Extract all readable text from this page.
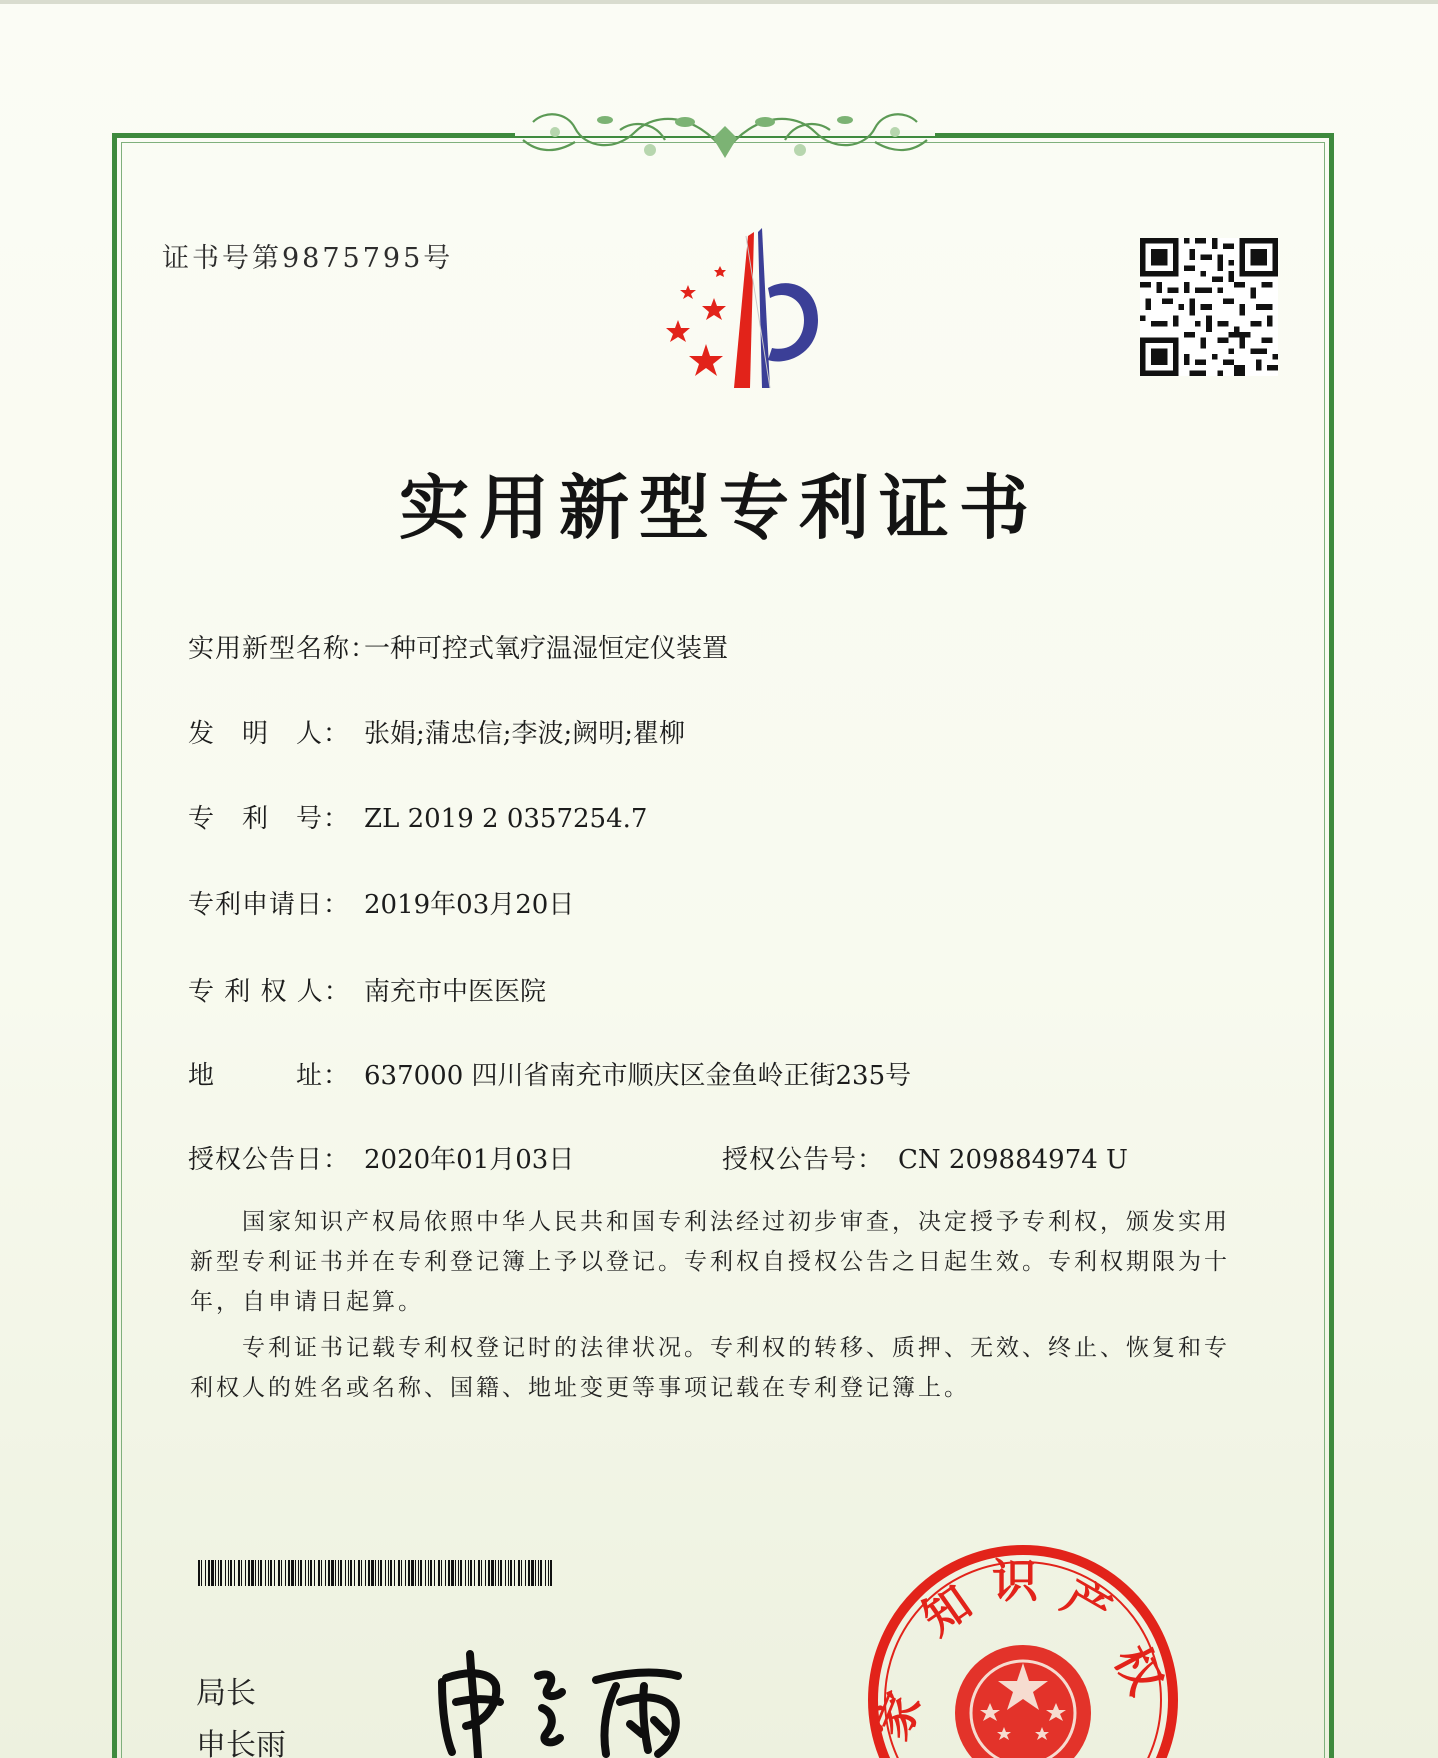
证书号第9875795号
实用新型专利证书
实用新型名称：一种可控式氧疗温湿恒定仪装置
发　明　人： 张娟;蒲忠信;李波;阙明;瞿柳
专　利　号： ZL 2019 2 0357254.7
专利申请日： 2019年03月20日
专 利 权 人： 南充市中医医院
地　　　址： 637000 四川省南充市顺庆区金鱼岭正街235号
授权公告日： 2020年01月03日	授权公告号： CN 209884974 U
　　国家知识产权局依照中华人民共和国专利法经过初步审查，决定授予专利权，颁发实用
新型专利证书并在专利登记簿上予以登记。专利权自授权公告之日起生效。专利权期限为十
年，自申请日起算。
　　专利证书记载专利权登记时的法律状况。专利权的转移、质押、无效、终止、恢复和专
利权人的姓名或名称、国籍、地址变更等事项记载在专利登记簿上。
局长
申长雨	家
知 识 产
权
家知识产权
